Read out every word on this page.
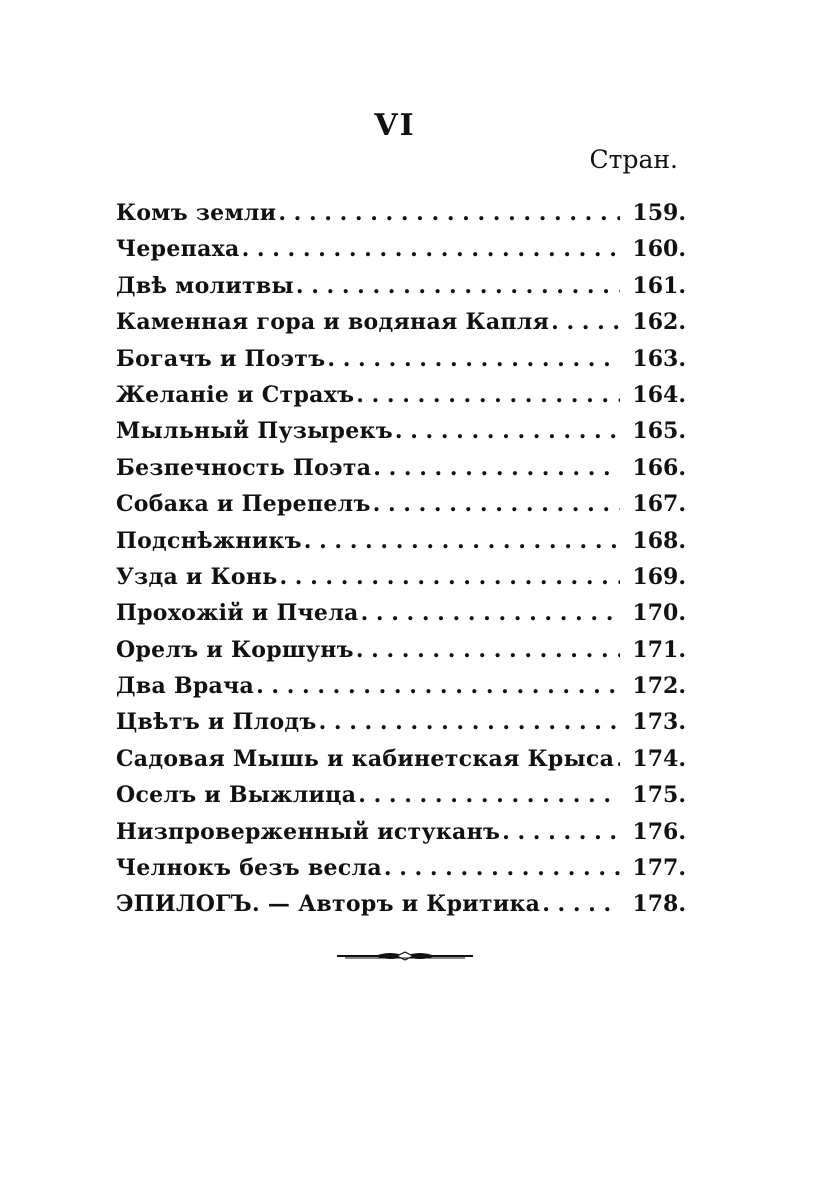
VI
Стран.
Комъ земли . . .	159.
Черепаха . . .	160.
Двѣ молитвы . . .	161.
Каменная гора и водяная Капля . . .	162.
Богачъ и Поэтъ . . .	163.
Желанie и Страхъ . . .	164.
Мыльный Пузырекъ . . .	165.
Безпечность Поэта . . .	166.
Собака и Перепелъ . . .	167.
Подснѣжникъ . . .	168.
Узда и Конь . . .	169.
Прохожiй и Пчела . . .	170.
Орелъ и Коршунъ . . .	171.
Два Врача . . .	172.
Цвѣтъ и Плодъ . . .	173.
Садовая Мышь и кабинетская Крыса . . . 174.
Оселъ и Выжлица . . .	175.
Низпроверженный истуканъ . . .	176.
Челнокъ безъ весла . . .	177.
ЭПИЛОГЪ. — Авторъ и Критика . . .	178.
